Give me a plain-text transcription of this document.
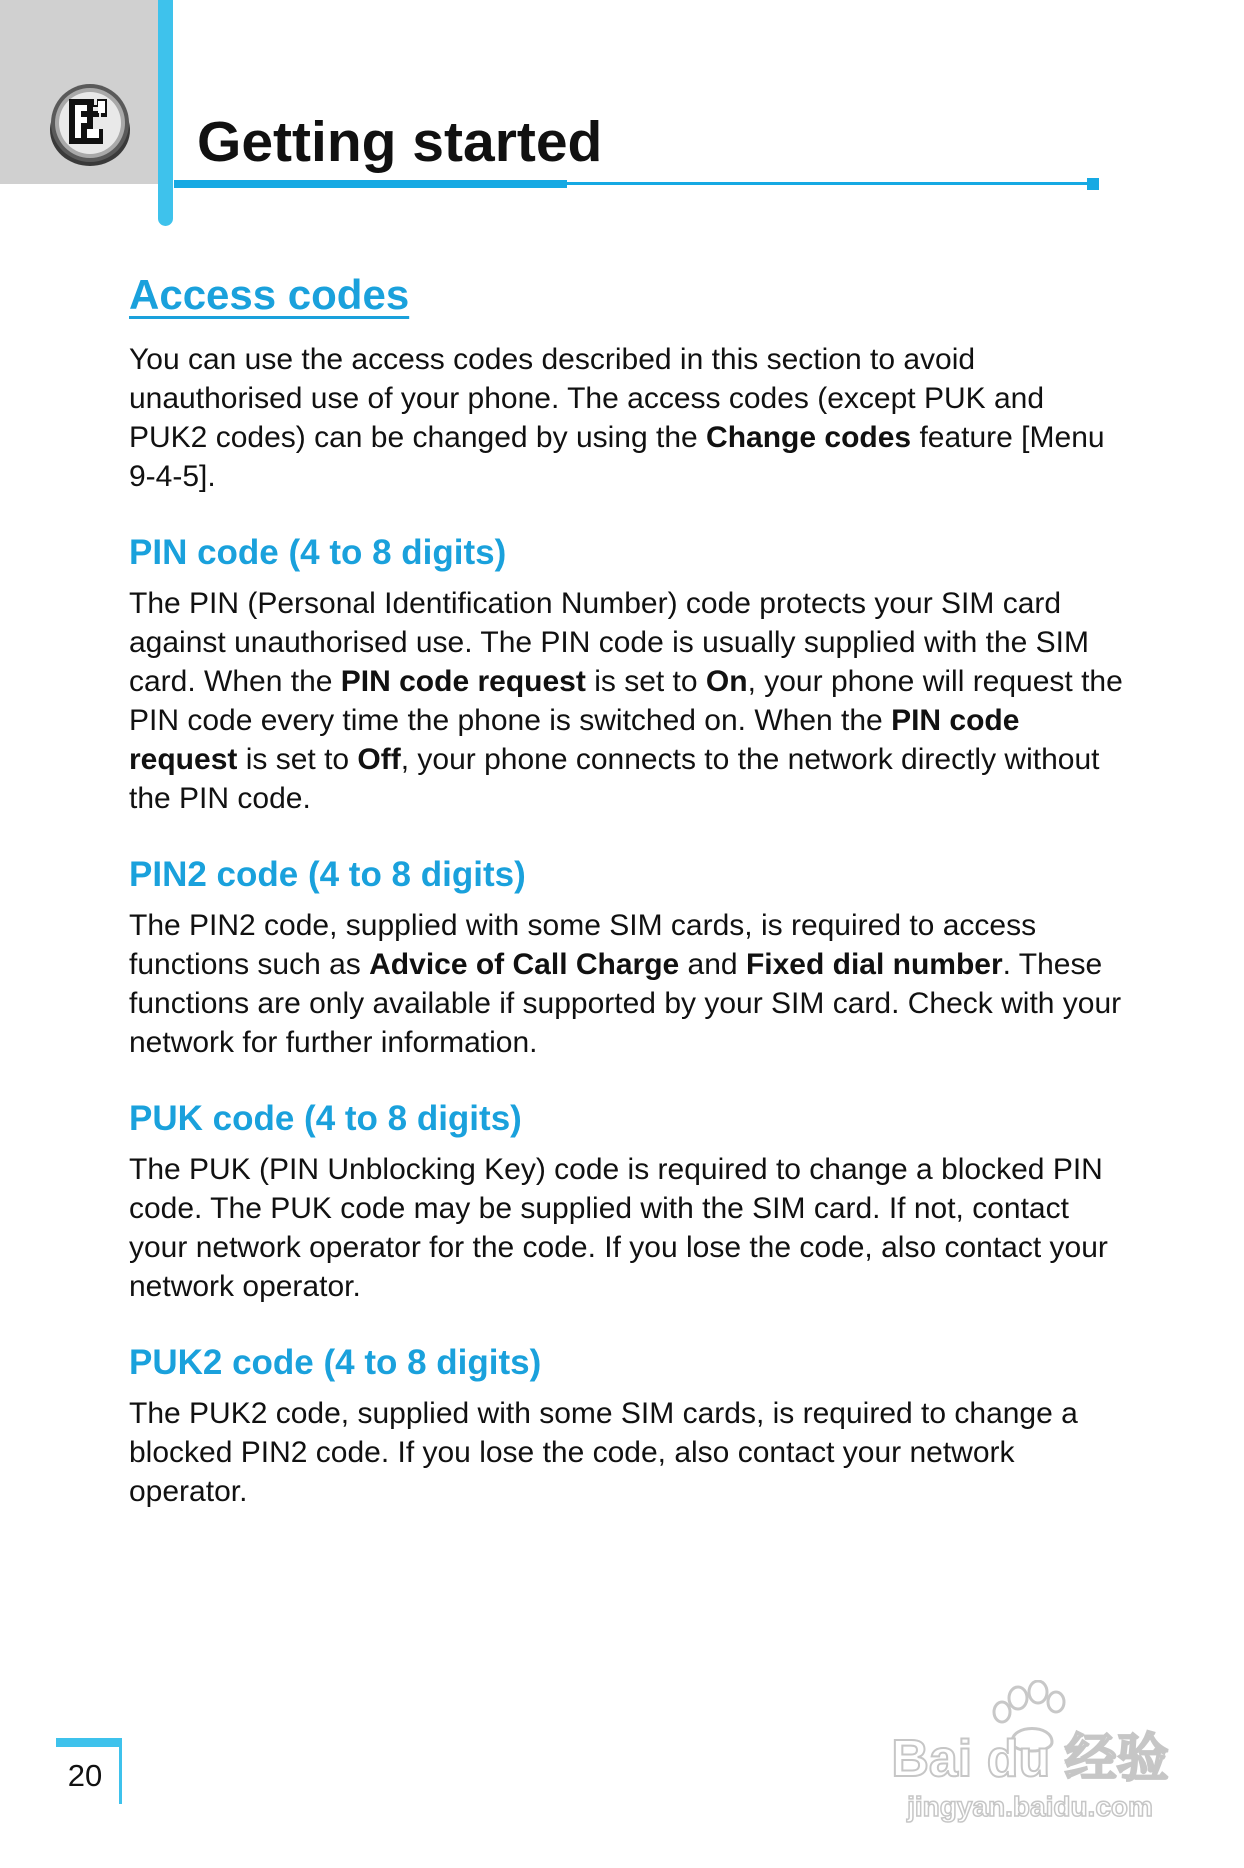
Getting started
Access codes

You can use the access codes described in this section to avoid unauthorised use of your phone. The access codes (except PUK and PUK2 codes) can be changed by using the Change codes feature [Menu 9-4-5].

PIN code (4 to 8 digits)

The PIN (Personal Identification Number) code protects your SIM card against unauthorised use. The PIN code is usually supplied with the SIM card. When the PIN code request is set to On, your phone will request the PIN code every time the phone is switched on. When the PIN code request is set to Off, your phone connects to the network directly without the PIN code.

PIN2 code (4 to 8 digits)

The PIN2 code, supplied with some SIM cards, is required to access functions such as Advice of Call Charge and Fixed dial number. These functions are only available if supported by your SIM card. Check with your network for further information.

PUK code (4 to 8 digits)

The PUK (PIN Unblocking Key) code is required to change a blocked PIN code. The PUK code may be supplied with the SIM card. If not, contact your network operator for the code. If you lose the code, also contact your network operator.

PUK2 code (4 to 8 digits)

The PUK2 code, supplied with some SIM cards, is required to change a blocked PIN2 code. If you lose the code, also contact your network operator.

20	Bai du 经验
jingyan.baidu.com
